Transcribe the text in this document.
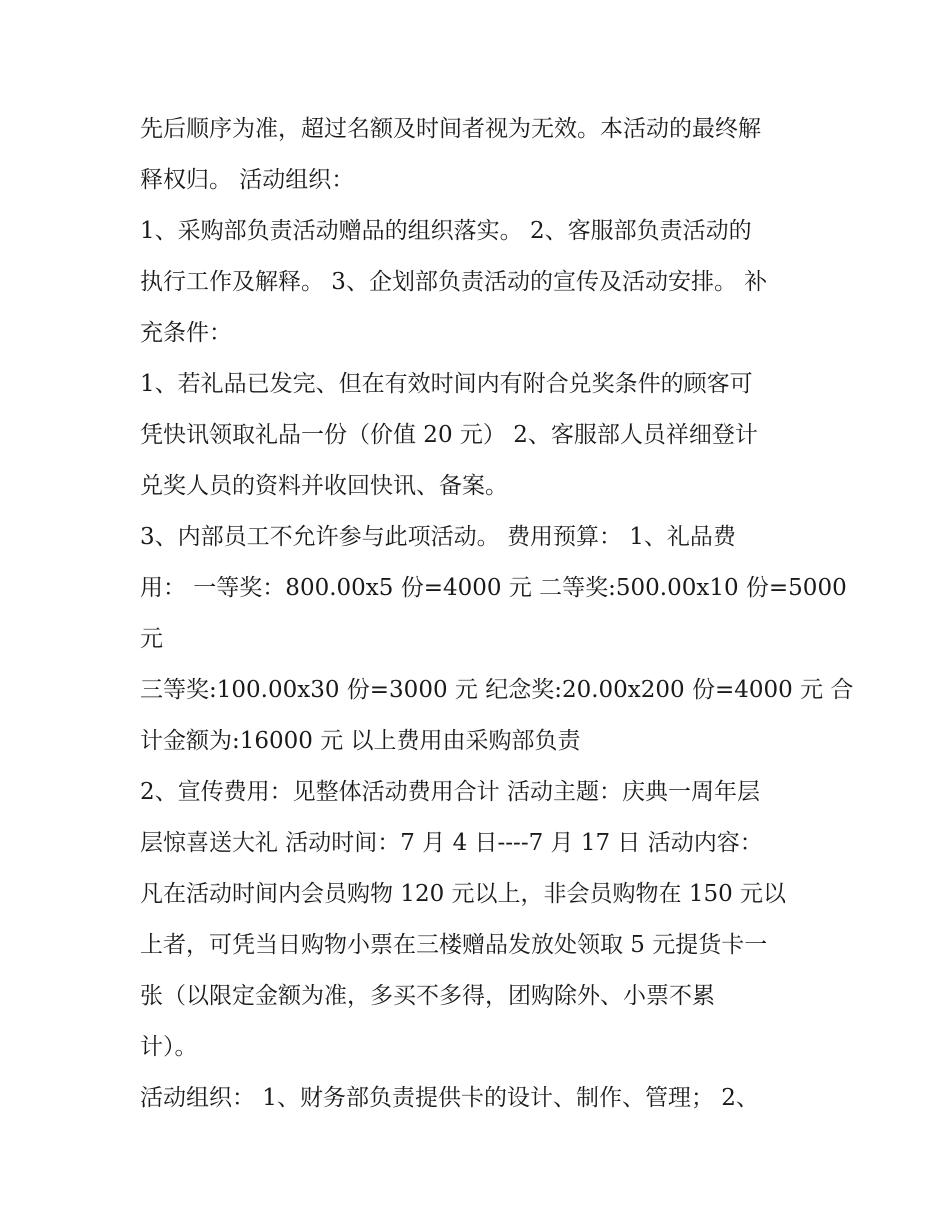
先后顺序为准，超过名额及时间者视为无效。本活动的最终解
释权归。 活动组织：
1、采购部负责活动赠品的组织落实。 2、客服部负责活动的
执行工作及解释。 3、企划部负责活动的宣传及活动安排。 补
充条件：
1、若礼品已发完、但在有效时间内有附合兑奖条件的顾客可
凭快讯领取礼品一份（价值 20 元） 2、客服部人员祥细登计
兑奖人员的资料并收回快讯、备案。
3、内部员工不允许参与此项活动。 费用预算： 1、礼品费
用： 一等奖：800.00x5 份=4000 元 二等奖:500.00x10 份=5000
元
三等奖:100.00x30 份=3000 元 纪念奖:20.00x200 份=4000 元 合
计金额为:16000 元 以上费用由采购部负责
2、宣传费用：见整体活动费用合计 活动主题：庆典一周年层
层惊喜送大礼 活动时间：7 月 4 日----7 月 17 日 活动内容：
凡在活动时间内会员购物 120 元以上，非会员购物在 150 元以
上者，可凭当日购物小票在三楼赠品发放处领取 5 元提货卡一
张（以限定金额为准，多买不多得，团购除外、小票不累
计）。
活动组织： 1、财务部负责提供卡的设计、制作、管理； 2、
